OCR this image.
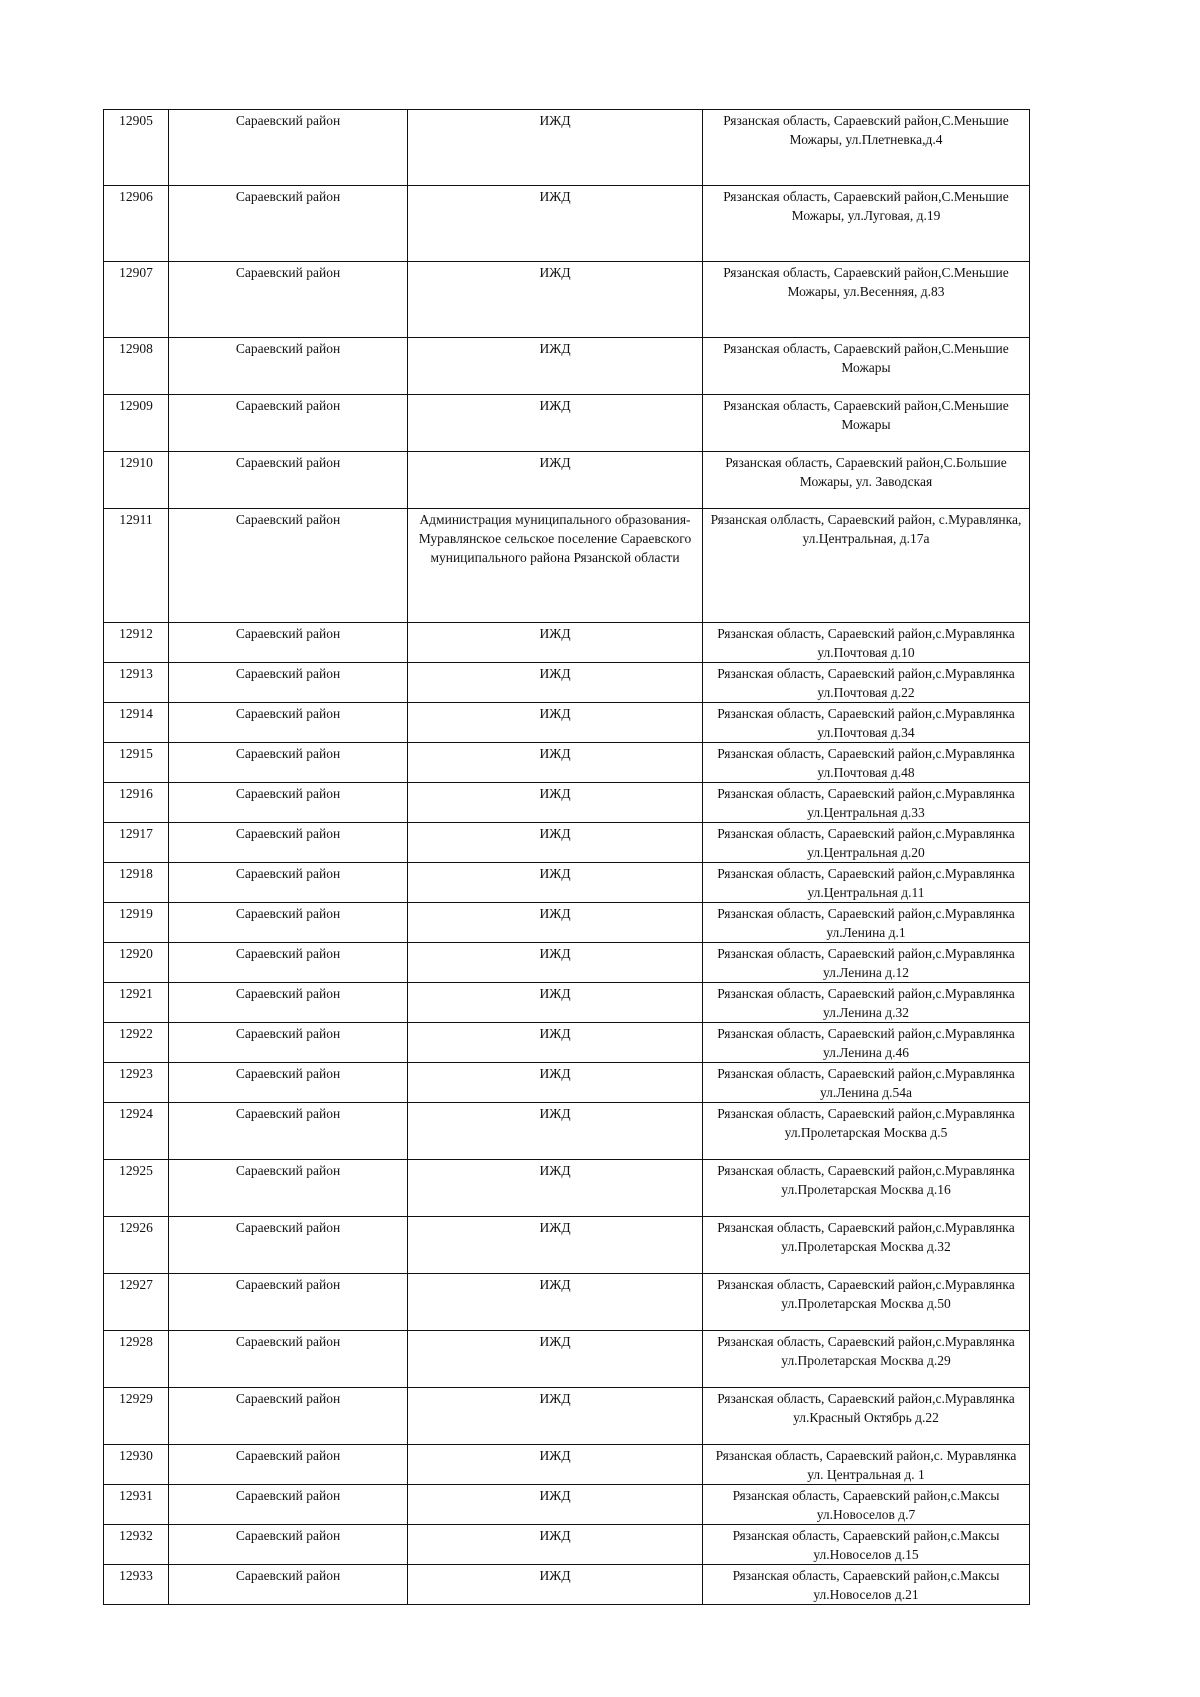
12905	Сараевский район	ИЖД	Рязанская область, Сараевский район,С.Меньшие Можары, ул.Плетневка,д.4
12906	Сараевский район	ИЖД	Рязанская область, Сараевский район,С.Меньшие Можары, ул.Луговая, д.19
12907	Сараевский район	ИЖД	Рязанская область, Сараевский район,С.Меньшие Можары, ул.Весенняя, д.83
12908	Сараевский район	ИЖД	Рязанская область, Сараевский район,С.Меньшие Можары
12909	Сараевский район	ИЖД	Рязанская область, Сараевский район,С.Меньшие Можары
12910	Сараевский район	ИЖД	Рязанская область, Сараевский район,С.Большие Можары, ул. Заводская
12911	Сараевский район	Администрация муниципального образования-Муравлянское сельское поселение Сараевского муниципального района Рязанской области	Рязанская олбласть, Сараевский район, с.Муравлянка, ул.Центральная, д.17а
12912	Сараевский район	ИЖД	Рязанская область, Сараевский район,с.Муравлянка ул.Почтовая д.10
12913	Сараевский район	ИЖД	Рязанская область, Сараевский район,с.Муравлянка ул.Почтовая д.22
12914	Сараевский район	ИЖД	Рязанская область, Сараевский район,с.Муравлянка ул.Почтовая д.34
12915	Сараевский район	ИЖД	Рязанская область, Сараевский район,с.Муравлянка ул.Почтовая д.48
12916	Сараевский район	ИЖД	Рязанская область, Сараевский район,с.Муравлянка ул.Центральная д.33
12917	Сараевский район	ИЖД	Рязанская область, Сараевский район,с.Муравлянка ул.Центральная д.20
12918	Сараевский район	ИЖД	Рязанская область, Сараевский район,с.Муравлянка ул.Центральная д.11
12919	Сараевский район	ИЖД	Рязанская область, Сараевский район,с.Муравлянка ул.Ленина д.1
12920	Сараевский район	ИЖД	Рязанская область, Сараевский район,с.Муравлянка ул.Ленина д.12
12921	Сараевский район	ИЖД	Рязанская область, Сараевский район,с.Муравлянка ул.Ленина д.32
12922	Сараевский район	ИЖД	Рязанская область, Сараевский район,с.Муравлянка ул.Ленина д.46
12923	Сараевский район	ИЖД	Рязанская область, Сараевский район,с.Муравлянка ул.Ленина д.54а
12924	Сараевский район	ИЖД	Рязанская область, Сараевский район,с.Муравлянка ул.Пролетарская Москва д.5
12925	Сараевский район	ИЖД	Рязанская область, Сараевский район,с.Муравлянка ул.Пролетарская Москва д.16
12926	Сараевский район	ИЖД	Рязанская область, Сараевский район,с.Муравлянка ул.Пролетарская Москва д.32
12927	Сараевский район	ИЖД	Рязанская область, Сараевский район,с.Муравлянка ул.Пролетарская Москва д.50
12928	Сараевский район	ИЖД	Рязанская область, Сараевский район,с.Муравлянка ул.Пролетарская Москва д.29
12929	Сараевский район	ИЖД	Рязанская область, Сараевский район,с.Муравлянка ул.Красный Октябрь д.22
12930	Сараевский район	ИЖД	Рязанская область, Сараевский район,с. Муравлянка ул. Центральная д. 1
12931	Сараевский район	ИЖД	Рязанская область, Сараевский район,с.Максы ул.Новоселов д.7
12932	Сараевский район	ИЖД	Рязанская область, Сараевский район,с.Максы ул.Новоселов д.15
12933	Сараевский район	ИЖД	Рязанская область, Сараевский район,с.Максы ул.Новоселов д.21
